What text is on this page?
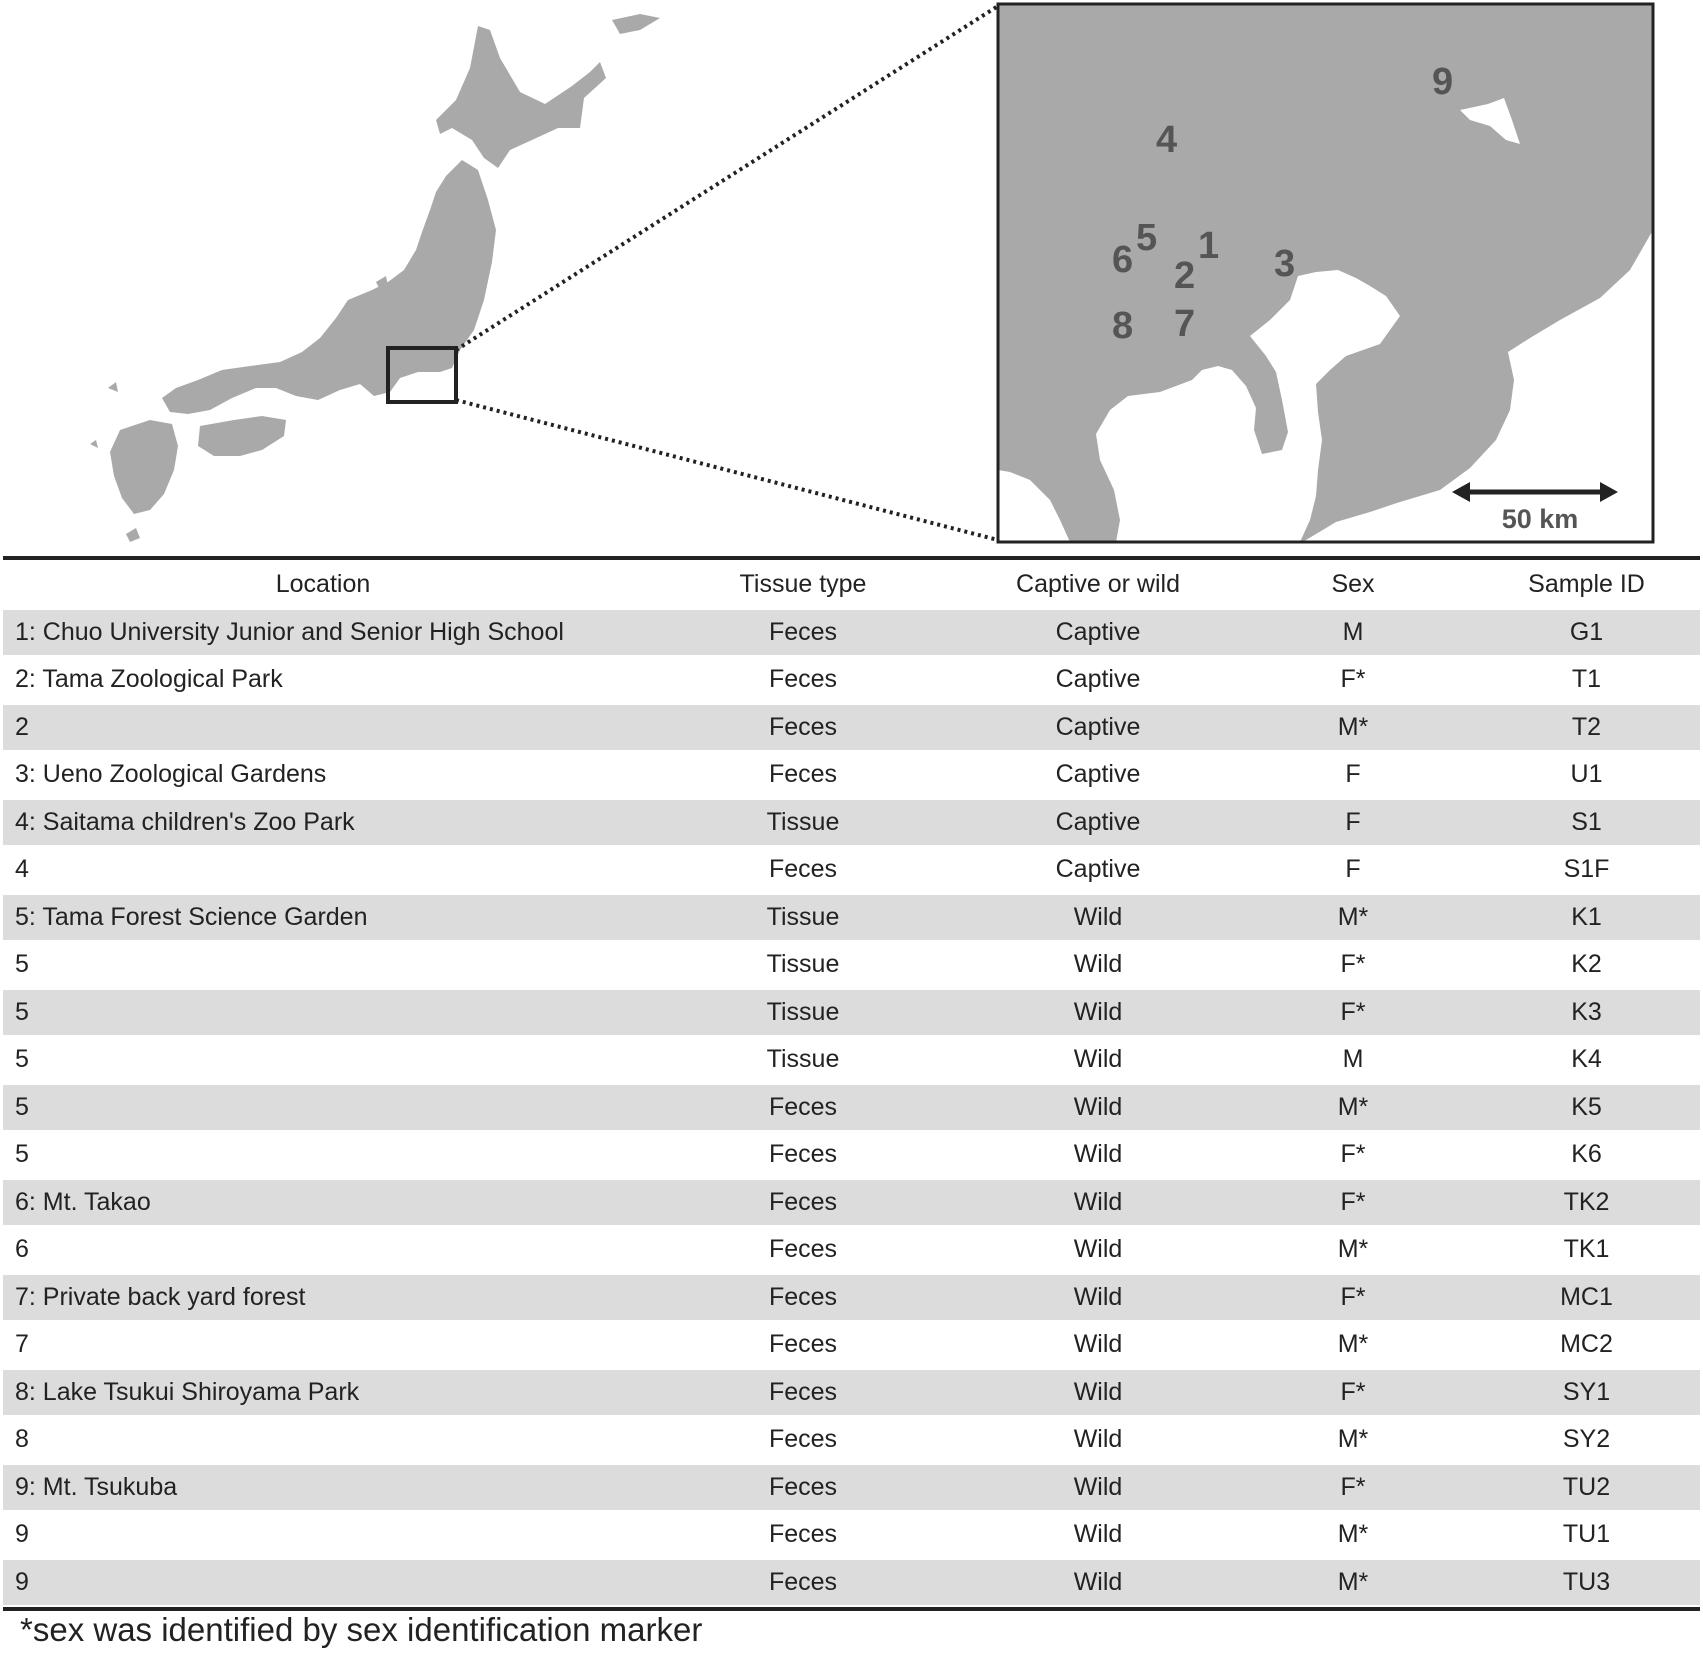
4
9
5
6 1
2 3
8 7
50 km
Location	Tissue type	Captive or wild	Sex	Sample ID
1: Chuo University Junior and Senior High School	Feces	Captive	M	G1
2: Tama Zoological Park	Feces	Captive	F*	T1
2	Feces	Captive	M*	T2
3: Ueno Zoological Gardens	Feces	Captive	F	U1
4: Saitama children's Zoo Park	Tissue	Captive	F	S1
4	Feces	Captive	F	S1F
5: Tama Forest Science Garden	Tissue	Wild	M*	K1
5	Tissue	Wild	F*	K2
5	Tissue	Wild	F*	K3
5	Tissue	Wild	M	K4
5	Feces	Wild	M*	K5
5	Feces	Wild	F*	K6
6: Mt. Takao	Feces	Wild	F*	TK2
6	Feces	Wild	M*	TK1
7: Private back yard forest	Feces	Wild	F*	MC1
7	Feces	Wild	M*	MC2
8: Lake Tsukui Shiroyama Park	Feces	Wild	F*	SY1
8	Feces	Wild	M*	SY2
9: Mt. Tsukuba	Feces	Wild	F*	TU2
9	Feces	Wild	M*	TU1
9	Feces	Wild	M*	TU3
*sex was identified by sex identification marker
